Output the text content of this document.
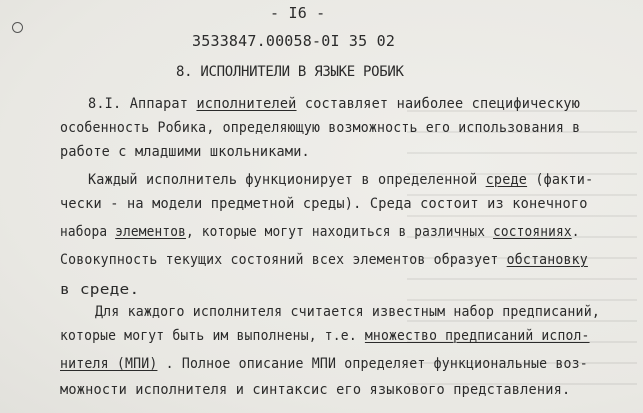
- I6 -
3533847.00058-0I 35 02
8. ИСПОЛНИТЕЛИ В ЯЗЫКЕ РОБИК
8.I. Аппарат исполнителей составляет наиболее специфическую
особенность Робика, определяющую возможность его использования в
работе с младшими школьниками.
Каждый исполнитель функционирует в определенной среде (факти-
чески - на модели предметной среды). Среда состоит из конечного
набора элементов, которые могут находиться в различных состояниях.
Совокупность текущих состояний всех элементов образует обстановку
в среде.
Для каждого исполнителя считается известным набор предписаний,
которые могут быть им выполнены, т.е. множество предписаний испол-
нителя (МПИ) . Полное описание МПИ определяет функциональные воз-
можности исполнителя и синтаксис его языкового представления.
